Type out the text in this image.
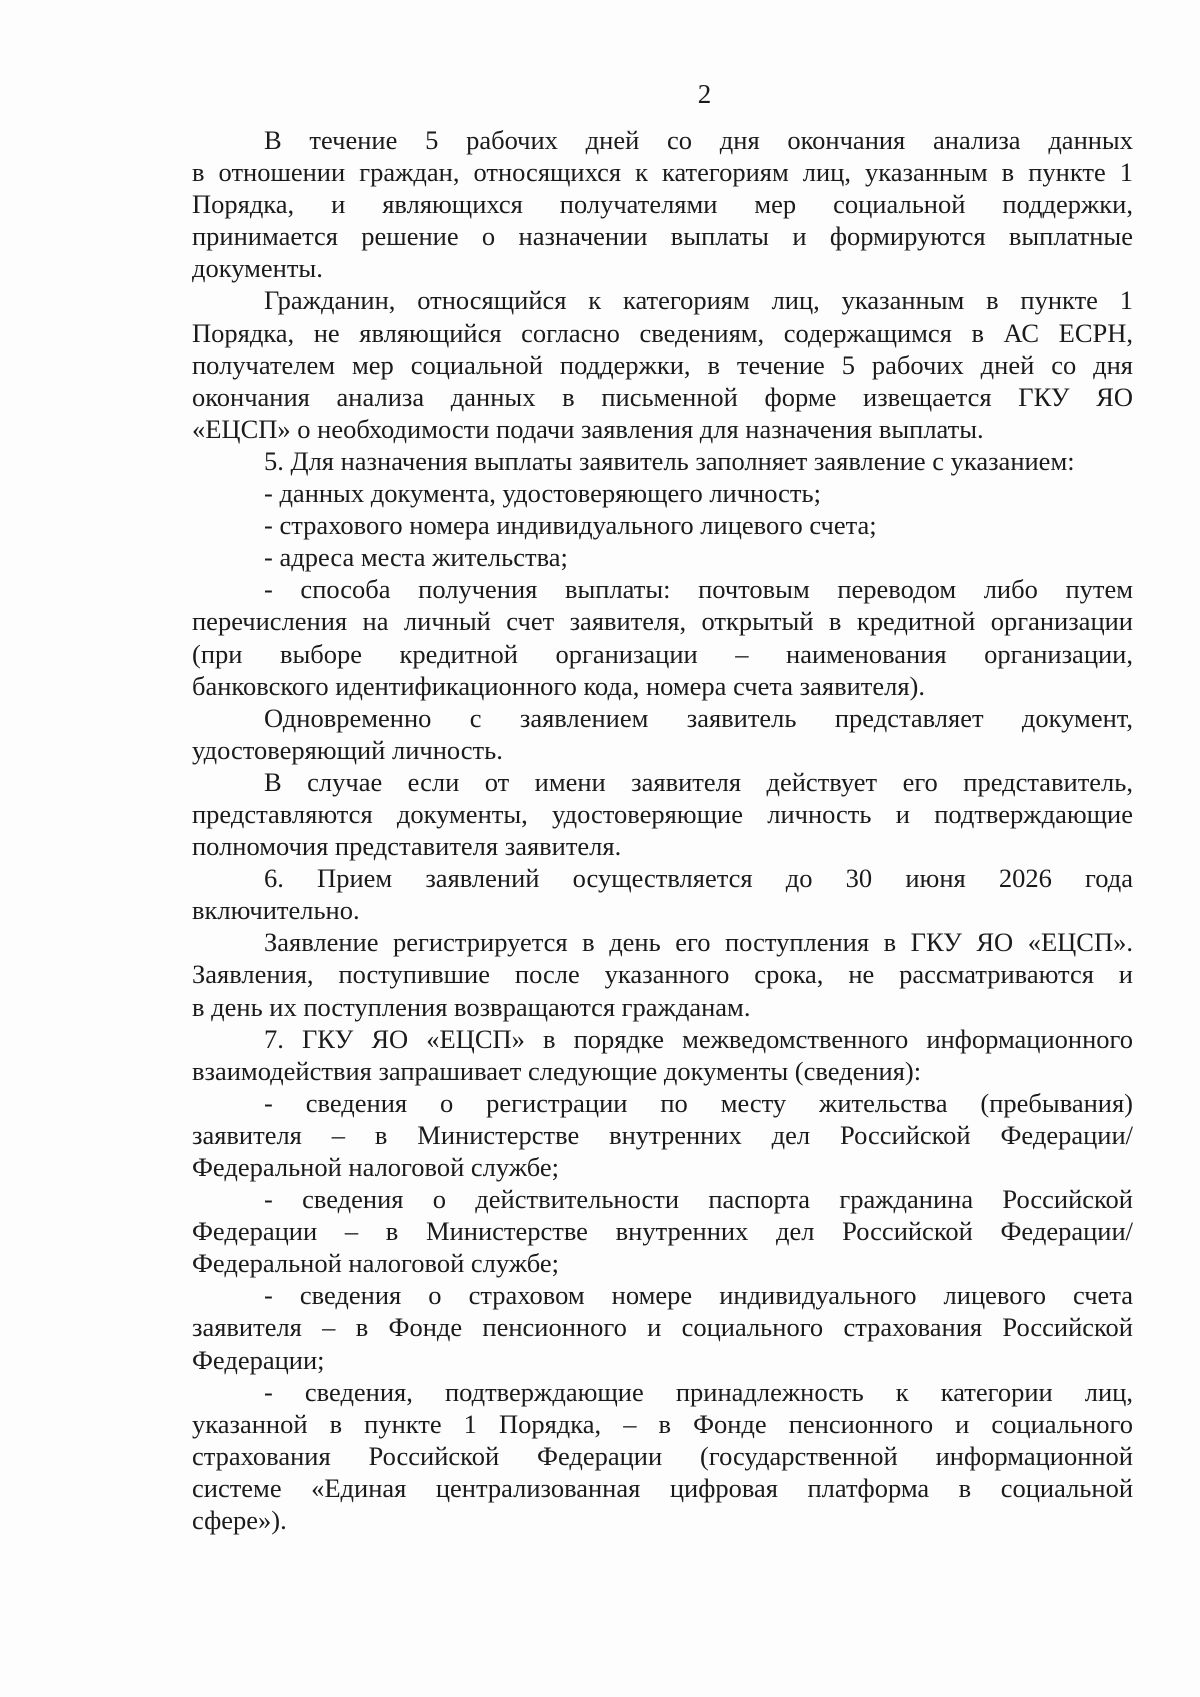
2

В течение 5 рабочих дней со дня окончания анализа данных
в отношении граждан, относящихся к категориям лиц, указанным в пункте 1
Порядка, и являющихся получателями мер социальной поддержки,
принимается решение о назначении выплаты и формируются выплатные
документы.

Гражданин, относящийся к категориям лиц, указанным в пункте 1
Порядка, не являющийся согласно сведениям, содержащимся в АС ЕСРН,
получателем мер социальной поддержки, в течение 5 рабочих дней со дня
окончания анализа данных в письменной форме извещается ГКУ ЯО
«ЕЦСП» о необходимости подачи заявления для назначения выплаты.

5. Для назначения выплаты заявитель заполняет заявление с указанием:

- данных документа, удостоверяющего личность;

- страхового номера индивидуального лицевого счета;

- адреса места жительства;

- способа получения выплаты: почтовым переводом либо путем
перечисления на личный счет заявителя, открытый в кредитной организации
(при выборе кредитной организации – наименования организации,
банковского идентификационного кода, номера счета заявителя).

Одновременно с заявлением заявитель представляет документ,
удостоверяющий личность.

В случае если от имени заявителя действует его представитель,
представляются документы, удостоверяющие личность и подтверждающие
полномочия представителя заявителя.

6. Прием заявлений осуществляется до 30 июня 2026 года
включительно.

Заявление регистрируется в день его поступления в ГКУ ЯО «ЕЦСП».
Заявления, поступившие после указанного срока, не рассматриваются и
в день их поступления возвращаются гражданам.

7. ГКУ ЯО «ЕЦСП» в порядке межведомственного информационного
взаимодействия запрашивает следующие документы (сведения):

- сведения о регистрации по месту жительства (пребывания)
заявителя – в Министерстве внутренних дел Российской Федерации/
Федеральной налоговой службе;

- сведения о действительности паспорта гражданина Российской
Федерации – в Министерстве внутренних дел Российской Федерации/
Федеральной налоговой службе;

- сведения о страховом номере индивидуального лицевого счета
заявителя – в Фонде пенсионного и социального страхования Российской
Федерации;

- сведения, подтверждающие принадлежность к категории лиц,
указанной в пункте 1 Порядка, – в Фонде пенсионного и социального
страхования Российской Федерации (государственной информационной
системе «Единая централизованная цифровая платформа в социальной
сфере»).
